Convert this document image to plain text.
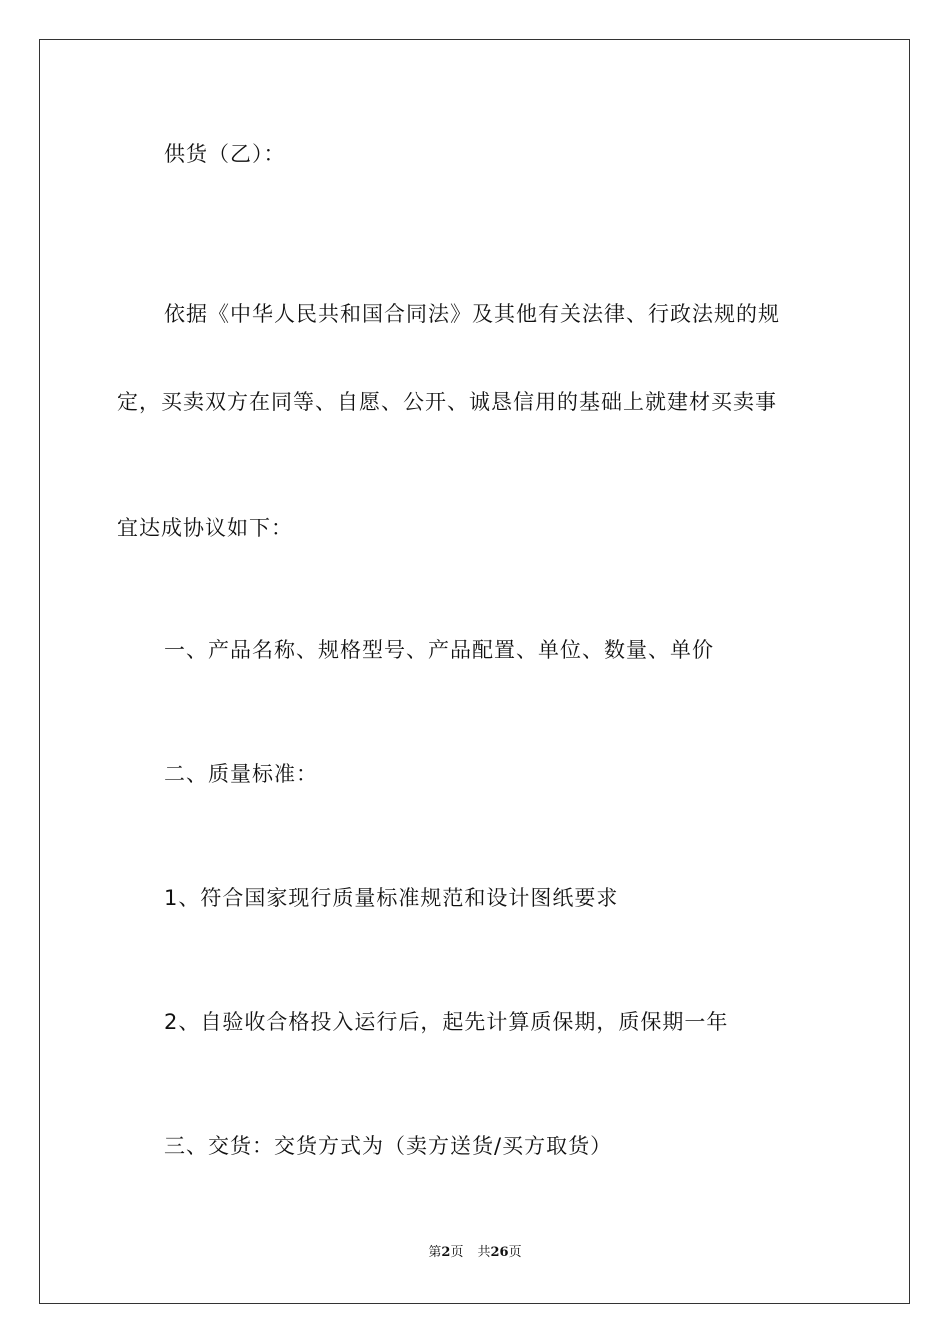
供货（乙）：
依据《中华人民共和国合同法》及其他有关法律、行政法规的规
定，买卖双方在同等、自愿、公开、诚恳信用的基础上就建材买卖事
宜达成协议如下：
一、产品名称、规格型号、产品配置、单位、数量、单价
二、质量标准：
1、符合国家现行质量标准规范和设计图纸要求
2、自验收合格投入运行后，起先计算质保期，质保期一年
三、交货：交货方式为（卖方送货/买方取货）
第2页 共26页
